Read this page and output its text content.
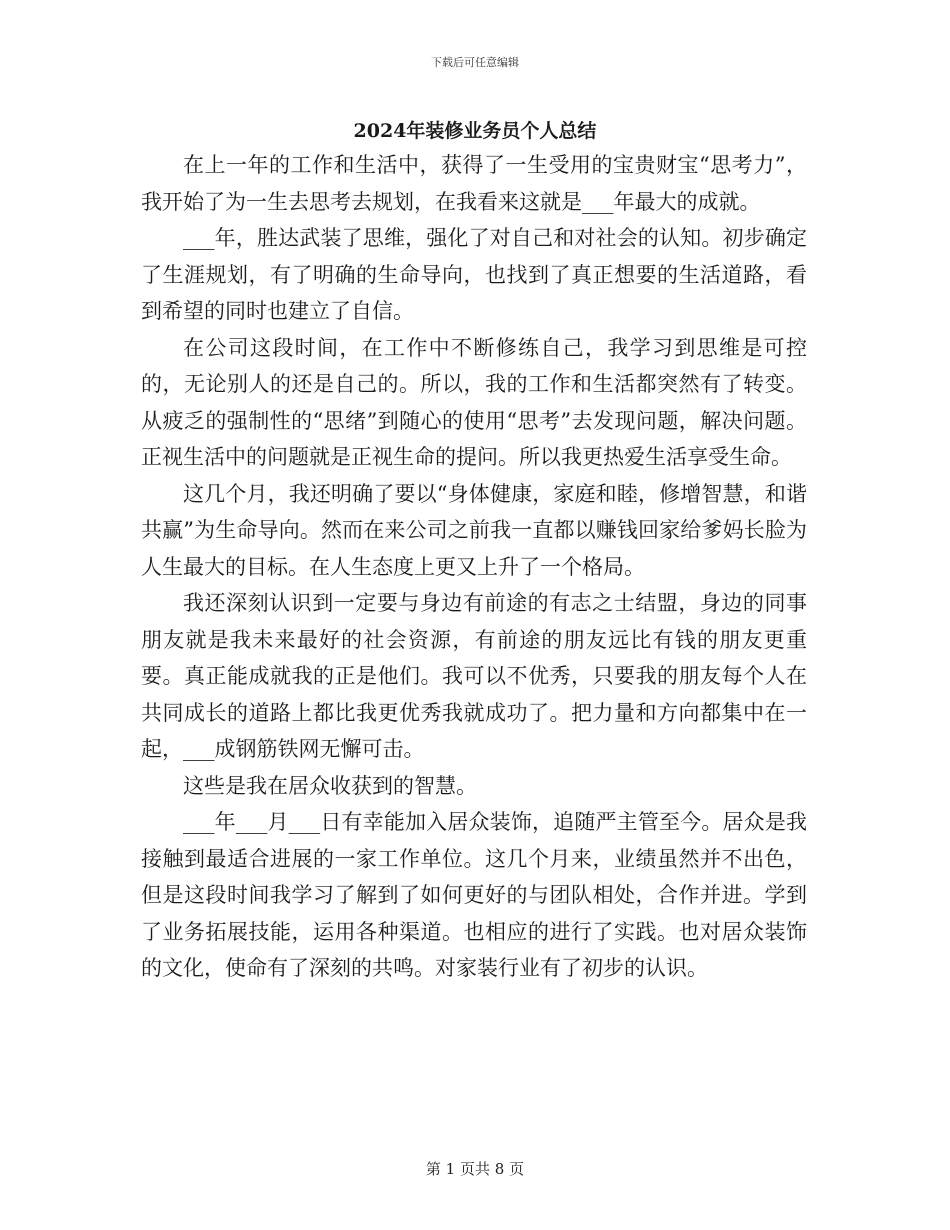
下载后可任意编辑
2024年装修业务员个人总结

在上一年的工作和生活中，获得了一生受用的宝贵财宝“思考力”，我开始了为一生去思考去规划，在我看来这就是___年最大的成就。

___年，胜达武装了思维，强化了对自己和对社会的认知。初步确定了生涯规划，有了明确的生命导向，也找到了真正想要的生活道路，看到希望的同时也建立了自信。

在公司这段时间，在工作中不断修练自己，我学习到思维是可控的，无论别人的还是自己的。所以，我的工作和生活都突然有了转变。从疲乏的强制性的“思绪”到随心的使用“思考”去发现问题，解决问题。正视生活中的问题就是正视生命的提问。所以我更热爱生活享受生命。

这几个月，我还明确了要以“身体健康，家庭和睦，修增智慧，和谐共赢”为生命导向。然而在来公司之前我一直都以赚钱回家给爹妈长脸为人生最大的目标。在人生态度上更又上升了一个格局。

我还深刻认识到一定要与身边有前途的有志之士结盟，身边的同事朋友就是我未来最好的社会资源，有前途的朋友远比有钱的朋友更重要。真正能成就我的正是他们。我可以不优秀，只要我的朋友每个人在共同成长的道路上都比我更优秀我就成功了。把力量和方向都集中在一起，___成钢筋铁网无懈可击。

这些是我在居众收获到的智慧。

___年___月___日有幸能加入居众装饰，追随严主管至今。居众是我接触到最适合进展的一家工作单位。这几个月来，业绩虽然并不出色，但是这段时间我学习了解到了如何更好的与团队相处，合作并进。学到了业务拓展技能，运用各种渠道。也相应的进行了实践。也对居众装饰的文化，使命有了深刻的共鸣。对家装行业有了初步的认识。

第 1 页共 8 页
